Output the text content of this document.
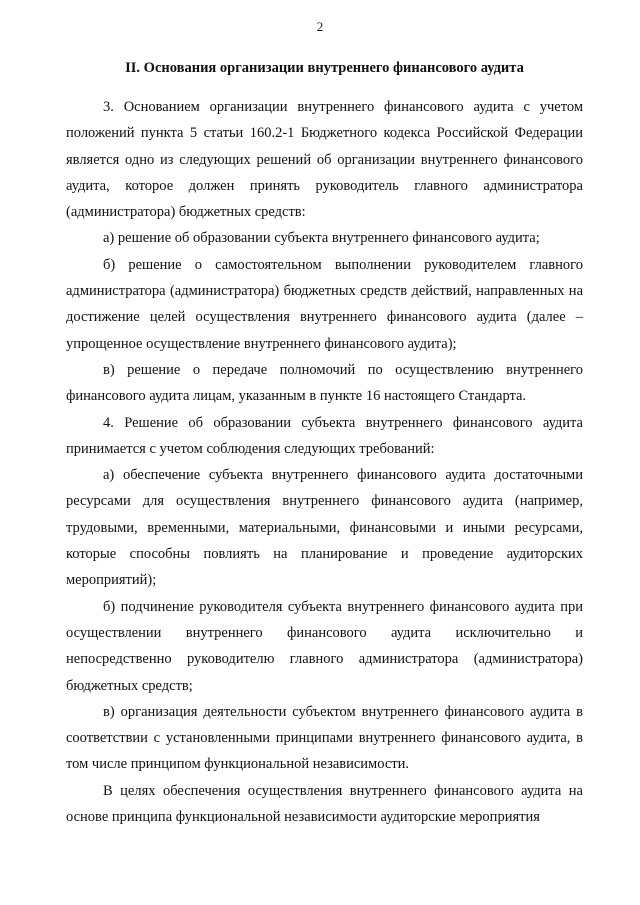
2
II. Основания организации внутреннего финансового аудита

3. Основанием организации внутреннего финансового аудита с учетом положений пункта 5 статьи 160.2-1 Бюджетного кодекса Российской Федерации является одно из следующих решений об организации внутреннего финансового аудита, которое должен принять руководитель главного администратора (администратора) бюджетных средств:

а) решение об образовании субъекта внутреннего финансового аудита;

б) решение о самостоятельном выполнении руководителем главного администратора (администратора) бюджетных средств действий, направленных на достижение целей осуществления внутреннего финансового аудита (далее – упрощенное осуществление внутреннего финансового аудита);

в) решение о передаче полномочий по осуществлению внутреннего финансового аудита лицам, указанным в пункте 16 настоящего Стандарта.

4. Решение об образовании субъекта внутреннего финансового аудита принимается с учетом соблюдения следующих требований:

а) обеспечение субъекта внутреннего финансового аудита достаточными ресурсами для осуществления внутреннего финансового аудита (например, трудовыми, временными, материальными, финансовыми и иными ресурсами, которые способны повлиять на планирование и проведение аудиторских мероприятий);

б) подчинение руководителя субъекта внутреннего финансового аудита при осуществлении внутреннего финансового аудита исключительно и непосредственно руководителю главного администратора (администратора) бюджетных средств;

в) организация деятельности субъектом внутреннего финансового аудита в соответствии с установленными принципами внутреннего финансового аудита, в том числе принципом функциональной независимости.

В целях обеспечения осуществления внутреннего финансового аудита на основе принципа функциональной независимости аудиторские мероприятия
